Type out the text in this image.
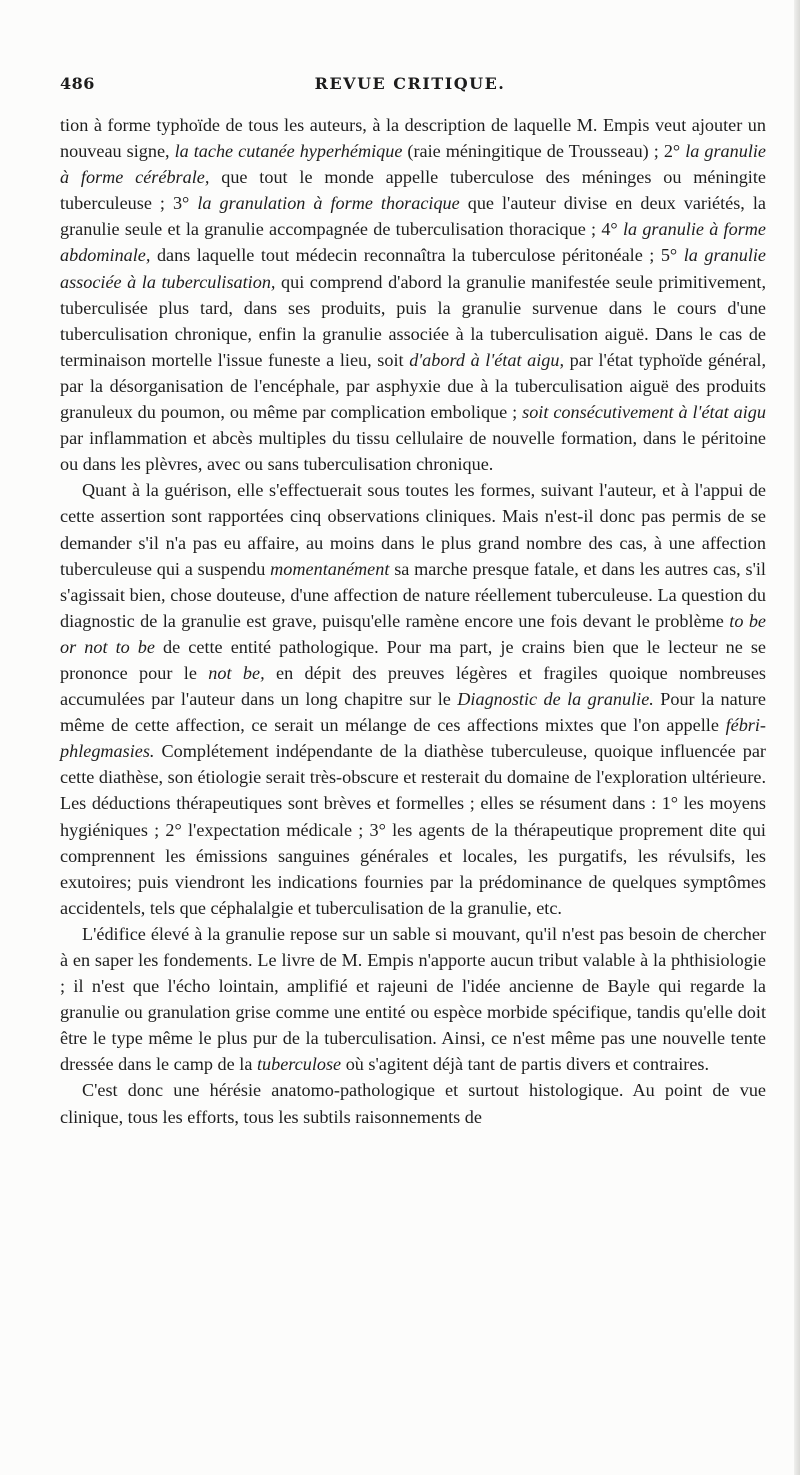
486	REVUE CRITIQUE.

tion à forme typhoïde de tous les auteurs, à la description de laquelle M. Empis veut ajouter un nouveau signe, la tache cutanée hyperhémique (raie méningitique de Trousseau) ; 2° la granulie à forme cérébrale, que tout le monde appelle tuberculose des méninges ou méningite tuberculeuse ; 3° la granulation à forme thoracique que l'auteur divise en deux variétés, la granulie seule et la granulie accompagnée de tuberculisation thoracique ; 4° la granulie à forme abdominale, dans laquelle tout médecin reconnaîtra la tuberculose péritonéale ; 5° la granulie associée à la tuberculisation, qui comprend d'abord la granulie manifestée seule primitivement, tuberculisée plus tard, dans ses produits, puis la granulie survenue dans le cours d'une tuberculisation chronique, enfin la granulie associée à la tuberculisation aiguë. Dans le cas de terminaison mortelle l'issue funeste a lieu, soit d'abord à l'état aigu, par l'état typhoïde général, par la désorganisation de l'encéphale, par asphyxie due à la tuberculisation aiguë des produits granuleux du poumon, ou même par complication embolique ; soit consécutivement à l'état aigu par inflammation et abcès multiples du tissu cellulaire de nouvelle formation, dans le péritoine ou dans les plèvres, avec ou sans tuberculisation chronique.

Quant à la guérison, elle s'effectuerait sous toutes les formes, suivant l'auteur, et à l'appui de cette assertion sont rapportées cinq observations cliniques. Mais n'est-il donc pas permis de se demander s'il n'a pas eu affaire, au moins dans le plus grand nombre des cas, à une affection tuberculeuse qui a suspendu momentanément sa marche presque fatale, et dans les autres cas, s'il s'agissait bien, chose douteuse, d'une affection de nature réellement tuberculeuse. La question du diagnostic de la granulie est grave, puisqu'elle ramène encore une fois devant le problème to be or not to be de cette entité pathologique. Pour ma part, je crains bien que le lecteur ne se prononce pour le not be, en dépit des preuves légères et fragiles quoique nombreuses accumulées par l'auteur dans un long chapitre sur le Diagnostic de la granulie. Pour la nature même de cette affection, ce serait un mélange de ces affections mixtes que l'on appelle fébri-phlegmasies. Complétement indépendante de la diathèse tuberculeuse, quoique influencée par cette diathèse, son étiologie serait très-obscure et resterait du domaine de l'exploration ultérieure. Les déductions thérapeutiques sont brèves et formelles ; elles se résument dans : 1° les moyens hygiéniques ; 2° l'expectation médicale ; 3° les agents de la thérapeutique proprement dite qui comprennent les émissions sanguines générales et locales, les purgatifs, les révulsifs, les exutoires; puis viendront les indications fournies par la prédominance de quelques symptômes accidentels, tels que céphalalgie et tuberculisation de la granulie, etc.

L'édifice élevé à la granulie repose sur un sable si mouvant, qu'il n'est pas besoin de chercher à en saper les fondements. Le livre de M. Empis n'apporte aucun tribut valable à la phthisiologie ; il n'est que l'écho lointain, amplifié et rajeuni de l'idée ancienne de Bayle qui regarde la granulie ou granulation grise comme une entité ou espèce morbide spécifique, tandis qu'elle doit être le type même le plus pur de la tuberculisation. Ainsi, ce n'est même pas une nouvelle tente dressée dans le camp de la tuberculose où s'agitent déjà tant de partis divers et contraires.

C'est donc une hérésie anatomo-pathologique et surtout histologique. Au point de vue clinique, tous les efforts, tous les subtils raisonnements de
